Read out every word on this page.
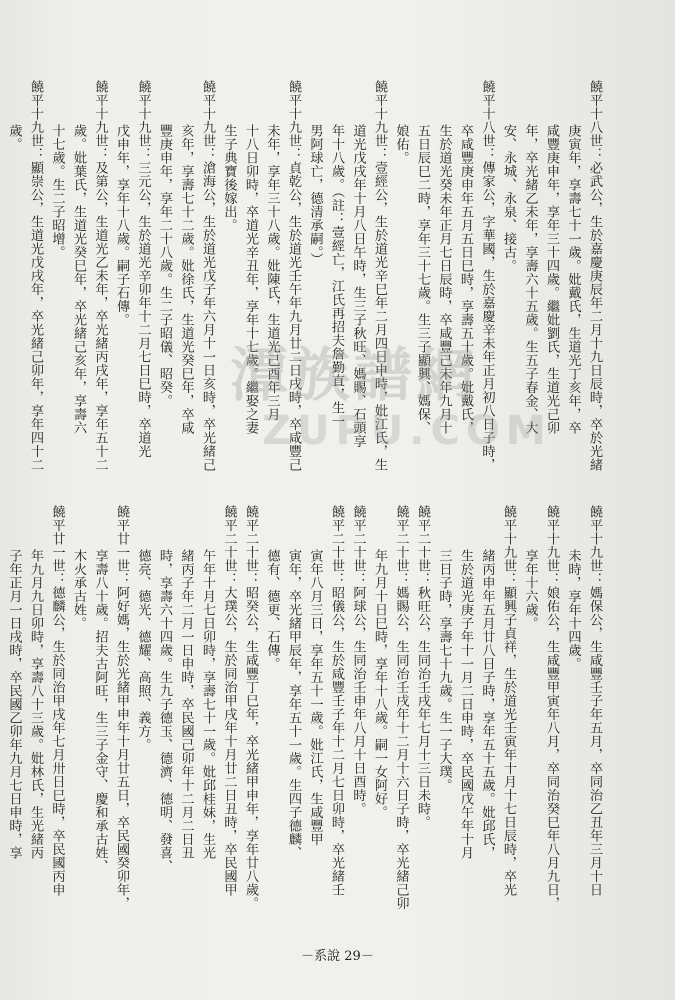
饒平十八世：必武公，生於嘉慶庚辰年二月十九日辰時，卒於光緒
庚寅年，享壽七十一歲。妣戴氏，生道光丁亥年，卒
咸豐庚申年，享年三十四歲。繼妣劉氏，生道光己卯
年，卒光緒乙未年，享壽六十五歲。生五子春金、大
安、永城、永泉、接古。
饒平十八世：傳家公，字華國，生於嘉慶辛未年正月初八日子時，
卒咸豐庚申年五月五日巳時，享壽五十歲。妣戴氏，
生於道光癸未年正月七日辰時，卒咸豐己未年九月十
五日辰巳二時，享年三十七歲。生三子顯興、媽保、
娘佑。
饒平十九世：壹經公，生於道光辛巳年二月四日申時，妣江氏，生
道光戊戌年十月八日午時，生三子秋旺、媽賜、石頭享
年十八歲。（註：壹經亡，江氏再招夫詹勤直，生一
男阿球亡，德清承嗣。）
饒平十九世：貞乾公，生於道光壬午年九月廿二日戌時，卒咸豐己
未年，享年三十八歲。妣陳氏，生道光己酉年三月
十八日卯時，卒道光辛丑年，享年十七歲。繼娶之妻
生子典寶後嫁出。
饒平十九世：滄海公，生於道光戊子年六月十一日亥時，卒光緒己
亥年，享壽七十二歲。妣徐氏，生道光癸巳年，卒咸
豐庚申年，享年二十八歲。生二子昭儀、昭癸。
饒平十九世：三元公，生於道光辛卯年十二月七日巳時，卒道光
戊申年，享年十八歲。嗣子石傳。
饒平十九世：及第公，生道光乙未年，卒光緒丙戌年，享年五十二
歲。妣葉氏，生道光癸巳年，卒光緒己亥年，享壽六
十七歲。生二子昭增。
饒平十九世：顯崇公，生道光戊戌年，卒光緒己卯年，享年四十二
歲。
饒平十九世：媽保公，生咸豐壬子年五月，卒同治乙丑年三月十日
未時，享年十四歲。
饒平十九世：娘佑公，生咸豐甲寅年八月，卒同治癸巳年八月九日，
享年十六歲。
饒平十九世：顯興子貞祥，生於道光壬寅年十月十七日辰時，卒光
緒丙申年五月廿八日子時，享年五十五歲。妣邱氏，
生於道光庚子年十一月二日申時，卒民國戊午年十月
三日子時，享壽七十九歲。生一子大璞。
饒平二十世：秋旺公，生同治壬戌年七月十三日未時。
饒平二十世：媽賜公，生同治壬戌年十二月十六日子時，卒光緒己卯
年九月十日巳時，享年十八歲。嗣一女阿好。
饒平二十世：阿球公，生同治壬申年八月十日酉時。
饒平二十世：昭儀公，生於咸豐壬子年十二月七日卯時，卒光緒壬
寅年八月三日，享年五十一歲。妣江氏，生咸豐甲
寅年，卒光緒甲辰年，享年五十一歲。生四子德麟、
德有、德更、石傳。
饒平二十世：昭癸公，生咸豐丁巳年，卒光緒甲申年，享年廿八歲。
饒平二十世：大璞公，生於同治甲戌年十月廿二日丑時，卒民國甲
午年十月七日卯時，享壽七十一歲。妣邱桂妹，生光
緒丙子年二月一日申時，卒民國己卯年十二月二日丑
時，享壽六十四歲。生九子德玉、德濟、德明、發喜、
德亮、德光、德耀、高照、義方。
饒平廿一世：阿好媽，生於光緒甲申年十月廿五日，卒民國癸卯年，
享壽八十歲。招夫古阿旺，生三子金守、慶和承古姓、
木火承古姓。
饒平廿一世：德麟公，生於同治甲戌年七月卅日巳時，卒民國丙申
年九月九日卯時，享壽八十三歲。妣林氏，生光緒丙
子年正月一日戌時，卒民國乙卯年九月七日申時，享
潭族譜網
ZUPU.COM
－系說 29－
